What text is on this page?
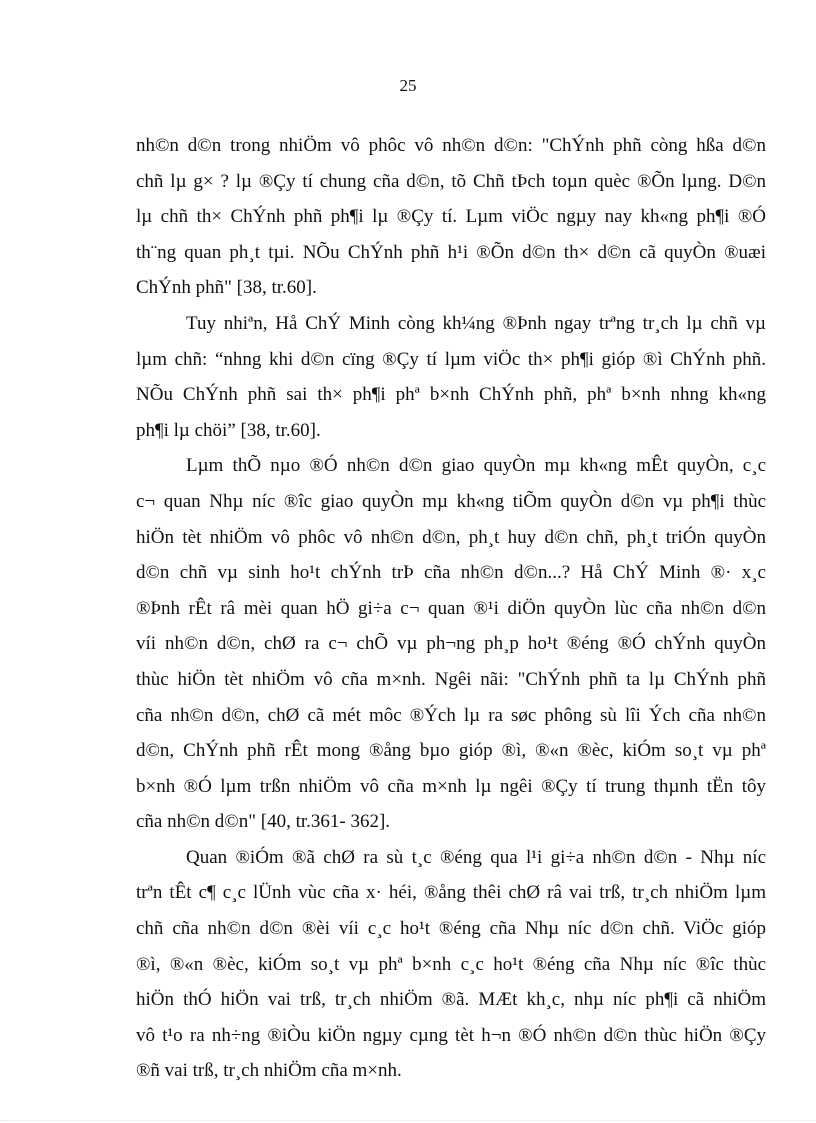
25
nh©n d©n trong nhiÖm vô phôc vô nh©n d©n: "ChÝnh phñ còng hßa d©n
chñ lµ g× ? lµ ®Çy tí chung cña d©n, tõ Chñ tÞch toµn quèc ®Õn lµng. D©n
lµ chñ th× ChÝnh phñ ph¶i lµ ®Çy tí. Lµm viÖc ngµy nay kh«ng ph¶i ®Ó
th¨ng quan ph¸t tµi. NÕu ChÝnh phñ h¹i ®Õn d©n th× d©n cã quyÒn ®uæi
ChÝnh phñ" [38, tr.60].
Tuy nhiªn, Hå ChÝ Minh còng kh¼ng ®Þnh ngay trªng tr¸ch lµ chñ vµ
lµm chñ: “nhng khi d©n cïng ®Çy tí lµm viÖc th× ph¶i gióp ®ì ChÝnh phñ.
NÕu ChÝnh phñ sai th× ph¶i phª b×nh ChÝnh phñ, phª b×nh nhng kh«ng
ph¶i lµ chöi” [38, tr.60].
Lµm thÕ nµo ®Ó nh©n d©n giao quyÒn mµ kh«ng mÊt quyÒn, c¸c
c¬ quan Nhµ níc ®îc giao quyÒn mµ kh«ng tiÕm quyÒn d©n vµ ph¶i thùc
hiÖn tèt nhiÖm vô phôc vô nh©n d©n, ph¸t huy d©n chñ, ph¸t triÓn quyÒn
d©n chñ vµ sinh ho¹t chÝnh trÞ cña nh©n d©n...? Hå ChÝ Minh ®· x¸c
®Þnh rÊt râ mèi quan hÖ gi÷a c¬ quan ®¹i diÖn quyÒn lùc cña nh©n d©n
víi nh©n d©n, chØ ra c¬ chÕ vµ ph¬ng ph¸p ho¹t ®éng ®Ó chÝnh quyÒn
thùc hiÖn tèt nhiÖm vô cña m×nh. Ngêi nãi: "ChÝnh phñ ta lµ ChÝnh phñ
cña nh©n d©n, chØ cã mét môc ®Ých lµ ra søc phông sù lîi Ých cña nh©n
d©n, ChÝnh phñ rÊt mong ®ång bµo gióp ®ì, ®«n ®èc, kiÓm so¸t vµ phª
b×nh ®Ó lµm trßn nhiÖm vô cña m×nh lµ ngêi ®Çy tí trung thµnh tËn tôy
cña nh©n d©n" [40, tr.361- 362].
Quan ®iÓm ®ã chØ ra sù t¸c ®éng qua l¹i gi÷a nh©n d©n - Nhµ níc
trªn tÊt c¶ c¸c lÜnh vùc cña x· héi, ®ång thêi chØ râ vai trß, tr¸ch nhiÖm lµm
chñ cña nh©n d©n ®èi víi c¸c ho¹t ®éng cña Nhµ níc d©n chñ. ViÖc gióp
®ì, ®«n ®èc, kiÓm so¸t vµ phª b×nh c¸c ho¹t ®éng cña Nhµ níc ®îc thùc
hiÖn thÓ hiÖn vai trß, tr¸ch nhiÖm ®ã. MÆt kh¸c, nhµ níc ph¶i cã nhiÖm
vô t¹o ra nh÷ng ®iÒu kiÖn ngµy cµng tèt h¬n ®Ó nh©n d©n thùc hiÖn ®Çy
®ñ vai trß, tr¸ch nhiÖm cña m×nh.
